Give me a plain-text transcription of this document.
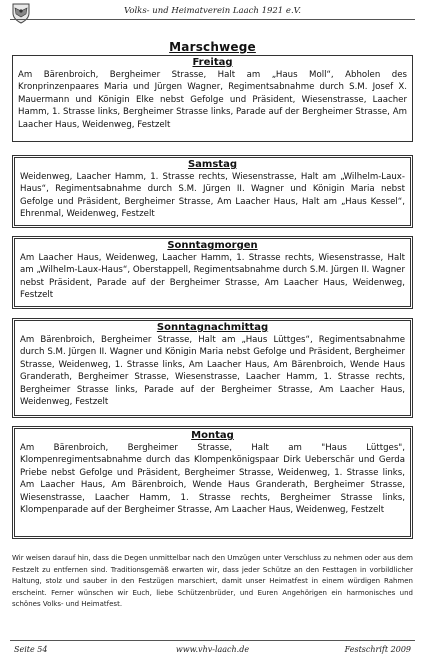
Volks- und Heimatverein Laach 1921 e.V.
Marschwege
Freitag
Am Bärenbroich, Bergheimer Strasse, Halt am „Haus Moll“, Abholen des Kronprinzenpaares Maria und Jürgen Wagner, Regimentsabnahme durch S.M. Josef X. Mauermann und Königin Elke nebst Gefolge und Präsident, Wiesenstrasse, Laacher Hamm, 1. Strasse links, Bergheimer Strasse links, Parade auf der Bergheimer Strasse, Am Laacher Haus, Weidenweg, Festzelt
Samstag
Weidenweg, Laacher Hamm, 1. Strasse rechts, Wiesenstrasse, Halt am „Wilhelm-Laux-Haus“, Regimentsabnahme durch S.M. Jürgen II. Wagner und Königin Maria nebst Gefolge und Präsident, Bergheimer Strasse, Am Laacher Haus, Halt am „Haus Kessel“, Ehrenmal, Weidenweg, Festzelt
Sonntagmorgen
Am Laacher Haus, Weidenweg, Laacher Hamm, 1. Strasse rechts, Wiesenstrasse, Halt am „Wilhelm-Laux-Haus“, Oberstappell, Regimentsabnahme durch S.M. Jürgen II. Wagner nebst Präsident, Parade auf der Bergheimer Strasse, Am Laacher Haus, Weidenweg, Festzelt
Sonntagnachmittag
Am Bärenbroich, Bergheimer Strasse, Halt am „Haus Lüttges“, Regimentsabnahme durch S.M. Jürgen II. Wagner und Königin Maria nebst Gefolge und Präsident, Bergheimer Strasse, Weidenweg, 1. Strasse links, Am Laacher Haus, Am Bärenbroich, Wende Haus Granderath, Bergheimer Strasse, Wiesenstrasse, Laacher Hamm, 1. Strasse rechts, Bergheimer Strasse links, Parade auf der Bergheimer Strasse, Am Laacher Haus, Weidenweg, Festzelt
Montag
Am Bärenbroich, Bergheimer Strasse, Halt am "Haus Lüttges", Klompenregimentsabnahme durch das Klompenkönigspaar Dirk Ueberschär und Gerda Priebe nebst Gefolge und Präsident, Bergheimer Strasse, Weidenweg, 1. Strasse links, Am Laacher Haus, Am Bärenbroich, Wende Haus Granderath, Bergheimer Strasse, Wiesenstrasse, Laacher Hamm, 1. Strasse rechts, Bergheimer Strasse links, Klompenparade auf der Bergheimer Strasse, Am Laacher Haus, Weidenweg, Festzelt
Wir weisen darauf hin, dass die Degen unmittelbar nach den Umzügen unter Verschluss zu nehmen oder aus dem Festzelt zu entfernen sind. Traditionsgemäß erwarten wir, dass jeder Schütze an den Festtagen in vorbildlicher Haltung, stolz und sauber in den Festzügen marschiert, damit unser Heimatfest in einem würdigen Rahmen erscheint. Ferner wünschen wir Euch, liebe Schützenbrüder, und Euren Angehörigen ein harmonisches und schönes Volks- und Heimatfest.
Seite 54	www.vhv-laach.de	Festschrift 2009
